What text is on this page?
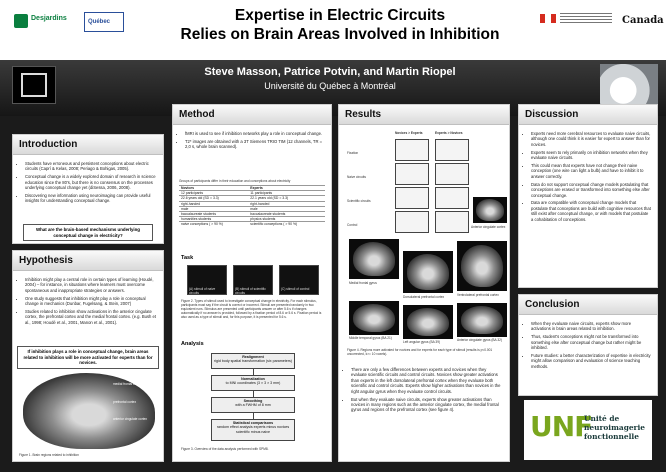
Desjardins	Québec	Expertise in Electric Circuits
Relies on Brain Areas Involved in Inhibition
Canada
Steve Masson, Patrice Potvin, and Martin Riopel
Université du Québec à Montréal
Introduction
• Students have erroneous and persistent conceptions about electric circuits (Caprí & Kelas, 2008; Periago & Bohigas, 2005).
• Conceptual change is a widely explored domain of research in science education since the 80's, but there is no consensus on the processes underlying conceptual change yet (diSessa, 2006, 2008).
• Discovering new information using neuroimaging can provide useful insights for understanding conceptual change.
What are the brain-based mechanisms underlying conceptual change in electricity?
Hypothesis
• Inhibition might play a central role in certain types of learning (Houdé, 2004) – for instance, in situations where learners must overcome spontaneous and inappropriate strategies or answers.
• One study suggests that inhibition might play a role in conceptual change in mechanics (Dunbar, Fugelsang, & Stein, 2007)
• Studies related to inhibition show activations in the anterior cingulate cortex, the prefrontal cortex and the medial frontal cortex. (e.g. Bush et al., 1998; Houdé et al., 2001, Manon et al., 2001).
If inhibition plays a role in conceptual change, brain areas related to inhibition will be more activated for experts than for novices.
medial frontal cortex
prefrontal cortex
anterior cingulate cortex
Figure 1. Brain regions related to inhibition
Method
• fMRI is used to see if inhibition networks play a role in conceptual change.
• T2* images are obtained with a 3T Siemens TRIO TIM (12 channels, TR = 2,0 s, whole brain scanned).
Groups of participants differ in their education and conceptions about electricity
Novices	Experts
12 participants	11 participants
22.6 years old (SD = 3.3)	22.1 years old (SD = 3.3)
right-handed	right-handed
male	male
baccalaureate students	baccalaureate students
humanities students	physics students
naive conceptions ( > 90 %)	scientific conceptions ( > 90 %)
Task
(A) stimuli of naive circuits
(B) stimuli of scientific circuits
(C) stimuli of control
Figure 2. Types of stimuli used to investigate conceptual change in electricity. For each stimulus, participants must say if the circuit is correct or incorrect. Stimuli are presented randomly in two equivalent runs. Stimulus are presented until participants answer or after 5.6 s if changes automatically if no answer is provided, followed by a fixation period of 8.6 or 5.6 s. Fixation period is also used as a type of stimuli and, for this purpose, it is presented for 5.6 s.
Analysis
Realignment
rigid body spatial transformation (six parameters)
Normalization
to MNI coordinates (3 × 3 × 3 mm)
Smoothing
with a FWHM of 8 mm
Statistical comparisons
random effect analysis experts minus novices scientific minus naive
Figure 3. Overview of the data analysis performed with SPM8.
Results
Novices > Experts	Experts > Novices
Fixation
Naive circuits
Scientific circuits
Control	Anterior cingulate cortex
Medial frontal gyrus
Dorsolateral prefrontal cortex	Ventrolateral prefrontal cortex
Middle temporal gyrus (BA 21)
Left angular gyrus (BA 39)	Anterior cingulate gyrus (BA 32)
Figure 4. Regions more activated for novices and for experts for each type of stimuli (results is p<0.001 uncorrected, k>= 10 voxels).
• There are only a few differences between experts and novices when they evaluate scientific circuits and control circuits. Novices show greater activations than experts in the left dorsolateral prefrontal cortex when they evaluate both scientific and control circuits. Experts show higher activations than novices in the right angular gyrus when they evaluate control circuits.
• But when they evaluate naive circuits, experts show greater activations than novices in many regions such as the anterior cingulate cortex, the medial frontal gyrus and regions of the prefrontal cortex (see figure 4).
Discussion
• Experts need more cerebral resources to evaluate naive circuits, although one could think it is easier for expert to answer than for novices.
• Experts seem to rely primarily on inhibition networks when they evaluate naive circuits.
• This could mean that experts have not change their naive conception (one wire can light a bulb) and have to inhibit it to answer correctly.
• Data do not support conceptual change models postulating that conceptions are erased or transformed into something else after conceptual change.
• Data are compatible with conceptual change models that postulate that conceptions are build with cognitive resources that still exist after conceptual change, or with models that postulate a cohabitation of conceptions.
Conclusion
• When they evaluate naive circuits, experts show more activations in brain areas related to inhibition.
• Thus, student's conceptions might not be transformed into something else after conceptual change but rather might be inhibited.
• Future studies: a better characterization of expertise in electricity might allow comparison and evaluation of science teaching methods.
UNF
Unité de
neuroimagerie
fonctionnelle
